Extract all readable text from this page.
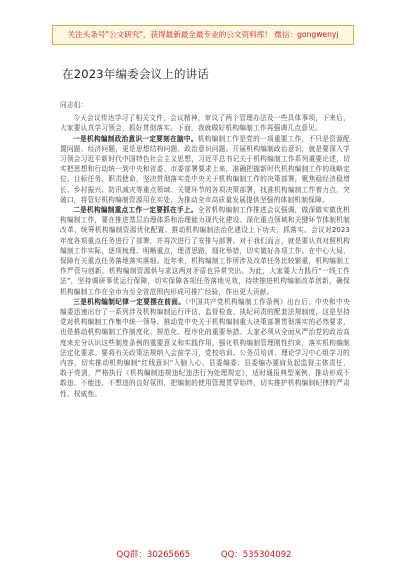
关注头条号"公文研究"，获得最新最全最专业的公文资料库！ 微信：gongwenyj
在2023年编委会议上的讲话

同志们：

今天会议传达学习了相关文件，会议精神，审议了两个管理办法及一些具体事项，下来后，大家要认真学习领会，抓好贯彻落实。下面，我就做好机构编制工作再强调几点意见。

一是机构编制政治意识一定要刻在脑中。机构编制工作是党的一项重要工作，不只是资源配置问题、经济问题，更是思想结构问题、政治意识问题。开展机构编制政治意识，就是要深入学习领会习近平新时代中国特色社会主义思想，习近平总书记关于机构编制工作系列重要论述，切实把思想和行动统一到中央和省委、市委部署要求上来，准确把握新时代机构编制工作的战略定位、目标任务、职责使命，坚决贯彻落实党中央关于机构编制工作的决策部署，聚焦稳经济稳增长、乡村振兴、防汛减灾等重点领域、关键环节的各项决策部署，找准机构编制工作着力点，突破口，将管好机构编制资源用在实处，为推动全市高质量发展提供坚强的体制机制保障。

二是机构编制重点工作一定要抓在手上。全省机构编制工作推进会议强调，做深做实做优机构编制工作，要在推进基层治理体系和治理能力现代化建设、深化重点领域和关键环节体制机制改革、统筹机构编制资源优化配置、推动机构编制法治化建设上下功夫，抓落实。会议对2023年度各项重点任务进行了部署，并再次进行了安排与部署。对于我们而言，就是要认真对照机构编制工作实际，逐项梳理、明晰重点，理清思路，细化举措，切实做好各项工作。在中心大局，保障有关重点任务落地落实落细。近年来，机构编制工作所涉及改革任务比较繁重，机构编制工作严管与创新，机构编制资源供与求这两对矛盾也异常突出。为此，大家要大力践行“一线工作法”，坚持调研事优运行保障，切实保障各项任务落地见效，持续推进机构编制改革创新，确保机构编制工作在全市为至全省范围内形成可推广经验，作出更大贡献。

三是机构编制纪律一定要摆在前面。《中国共产党机构编制工作条例》出台后，中央和中央编委迅速出台了一系列涉及机构编制运行评估、监督检查、执纪问责的配套法规制度，这是坚持党对机构编制工作集中统一领导、推动党中央关于机构编制重大决策部署贯彻落实的必然要求，也是推动机构编制工作制度化、规范化、程序化的重要举措。大家必须从全面从严治党的政治高度来充分认识这些制度条例的重要意义和实践作用，强化机构编制管理刚性约束，落实机构编制法定化要求。要将有关政策法规纳入会前学习，党校培训、公务员培训、理论学习中心组学习的内容，切实推动机构编制“红线意识”入脑入心。县委编委、县委编办要肩负起监督主体责任，敢于亮剑，严格执行《机构编制违规违纪违法行为处理规定》，适时通报典型案例，推动形成不敢违、不能违、不想违的良好氛围，把编制的使用管理贯穿始终，切实推护机构编制纪律的严肃性、权威性。

QQ群：30265665	QQ：535304092
